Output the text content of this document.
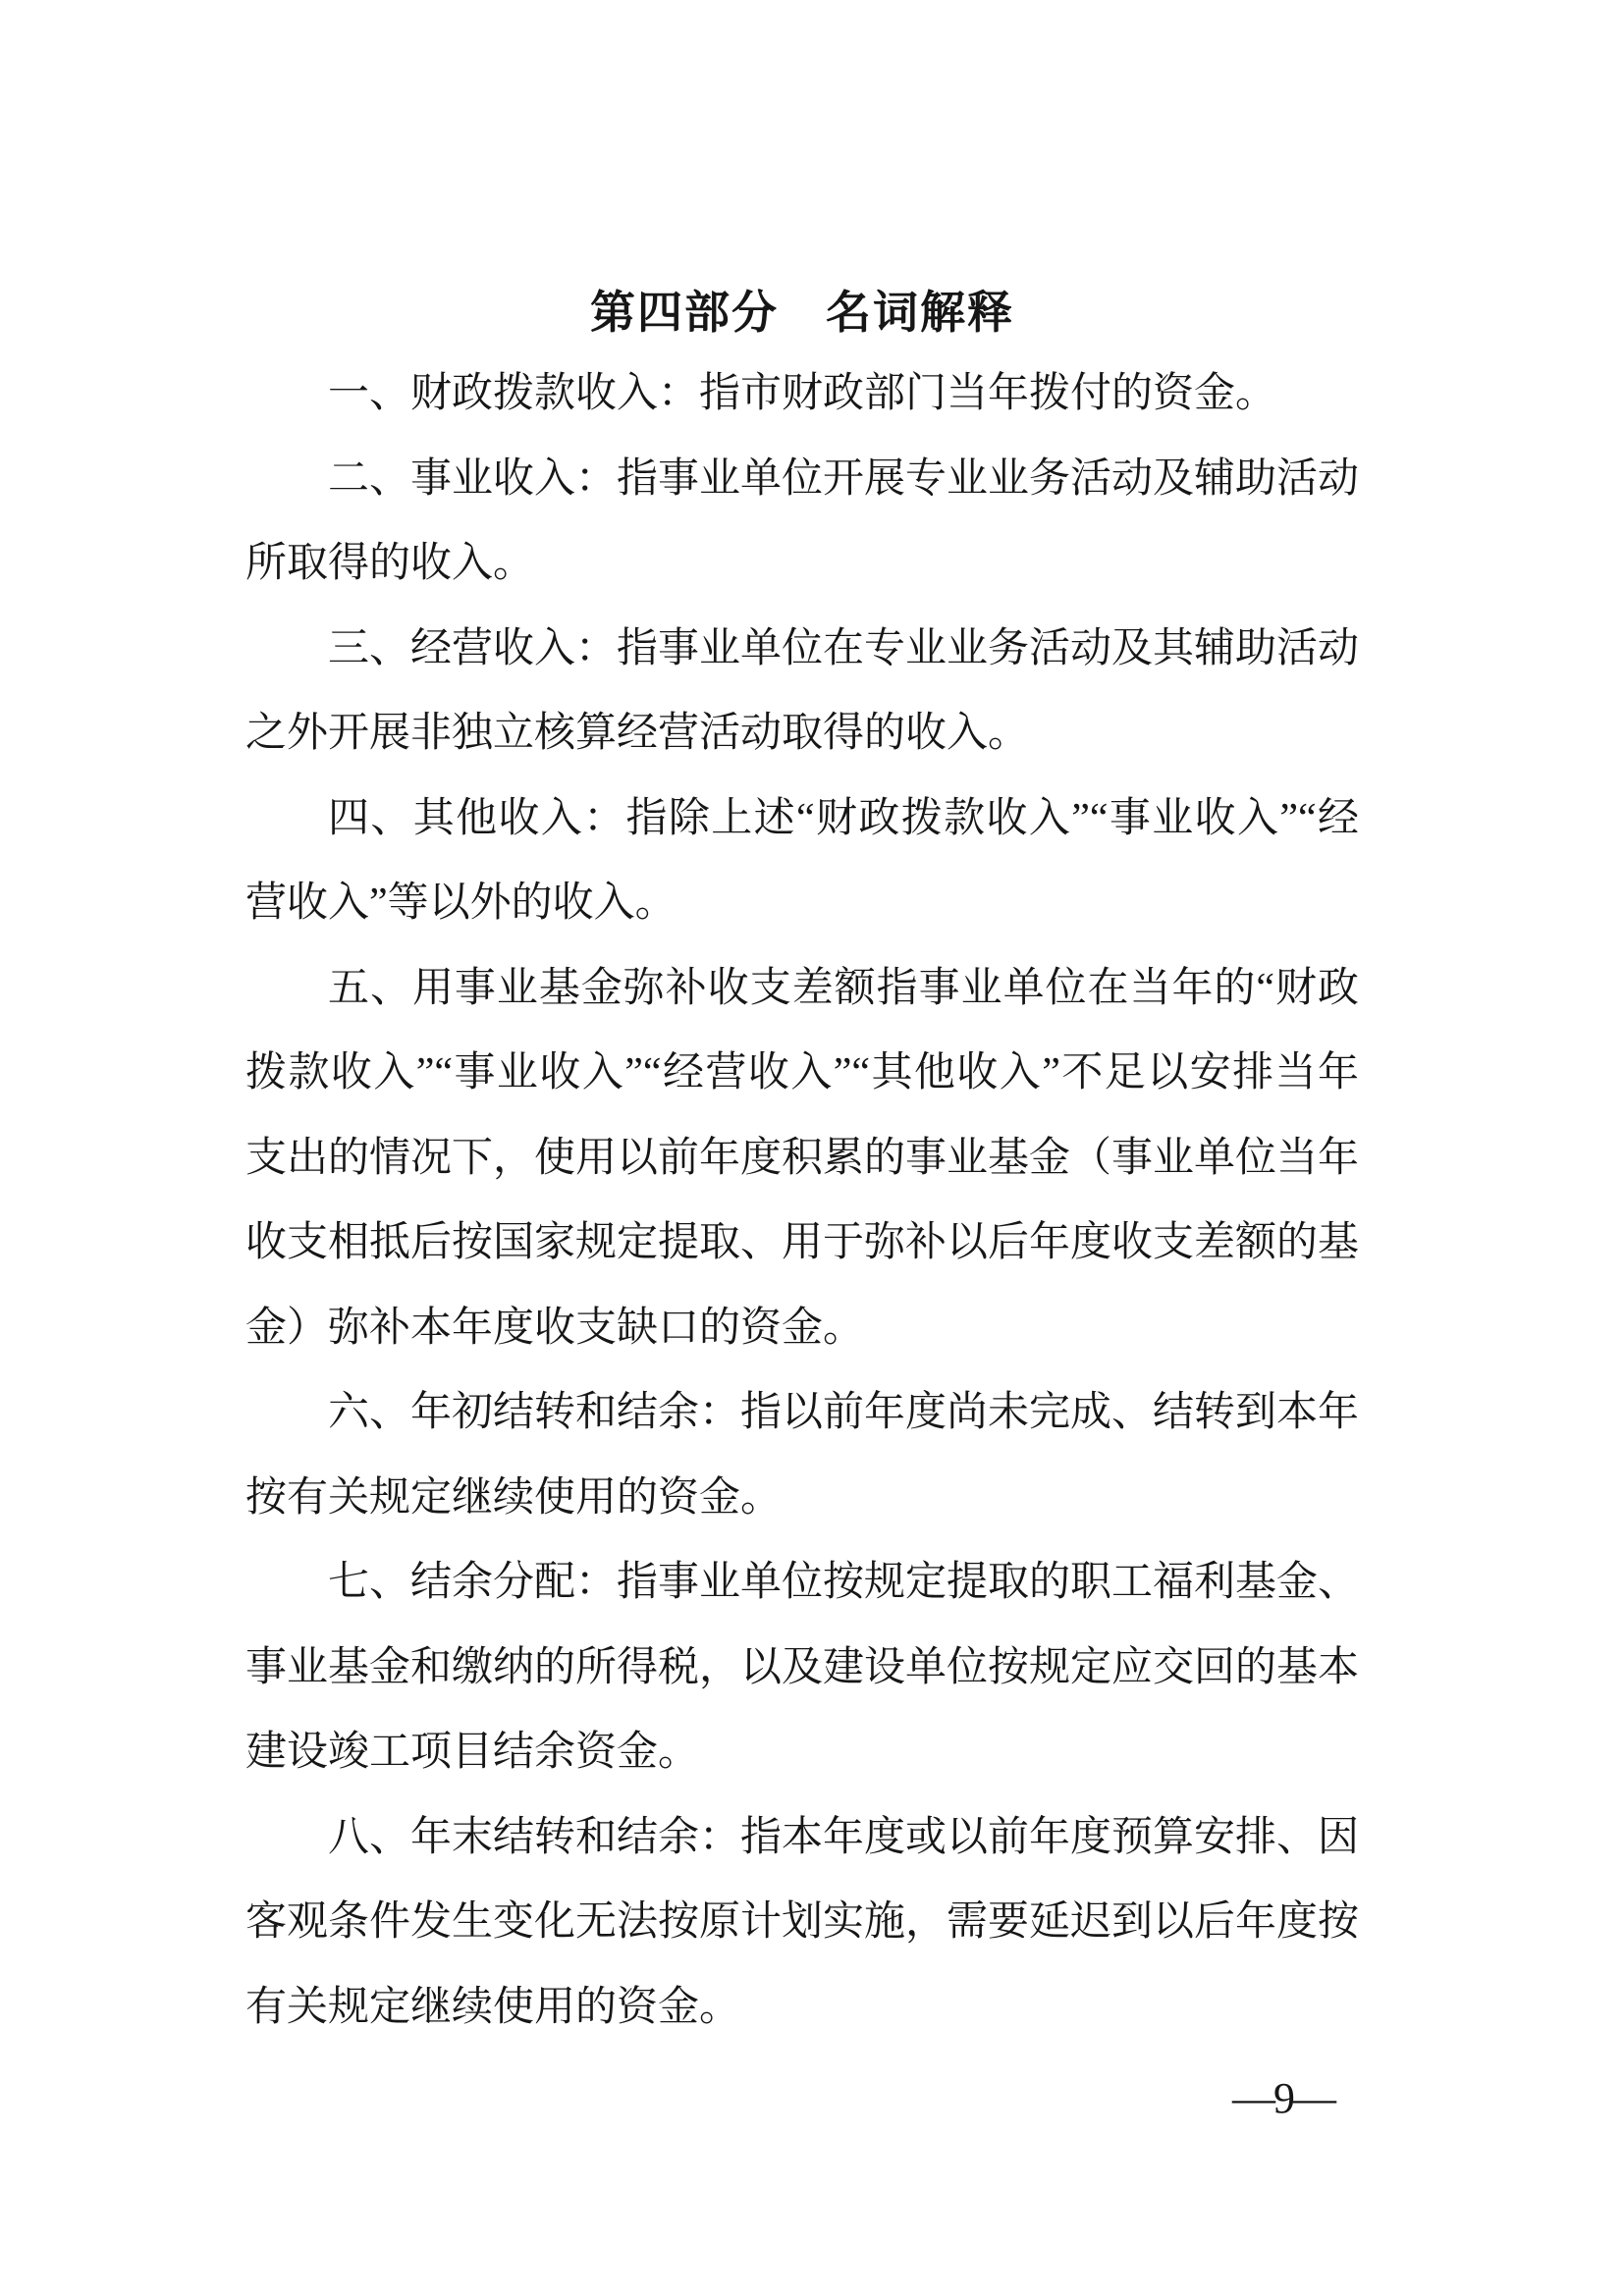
第四部分　名词解释

一、财政拨款收入：指市财政部门当年拨付的资金。

二、事业收入：指事业单位开展专业业务活动及辅助活动所取得的收入。

三、经营收入：指事业单位在专业业务活动及其辅助活动之外开展非独立核算经营活动取得的收入。

四、其他收入：指除上述“财政拨款收入”“事业收入”“经营收入”等以外的收入。

五、用事业基金弥补收支差额指事业单位在当年的“财政拨款收入”“事业收入”“经营收入”“其他收入”不足以安排当年支出的情况下，使用以前年度积累的事业基金（事业单位当年收支相抵后按国家规定提取、用于弥补以后年度收支差额的基金）弥补本年度收支缺口的资金。

六、年初结转和结余：指以前年度尚未完成、结转到本年按有关规定继续使用的资金。

七、结余分配：指事业单位按规定提取的职工福利基金、事业基金和缴纳的所得税，以及建设单位按规定应交回的基本建设竣工项目结余资金。

八、年末结转和结余：指本年度或以前年度预算安排、因客观条件发生变化无法按原计划实施，需要延迟到以后年度按有关规定继续使用的资金。

—9—
